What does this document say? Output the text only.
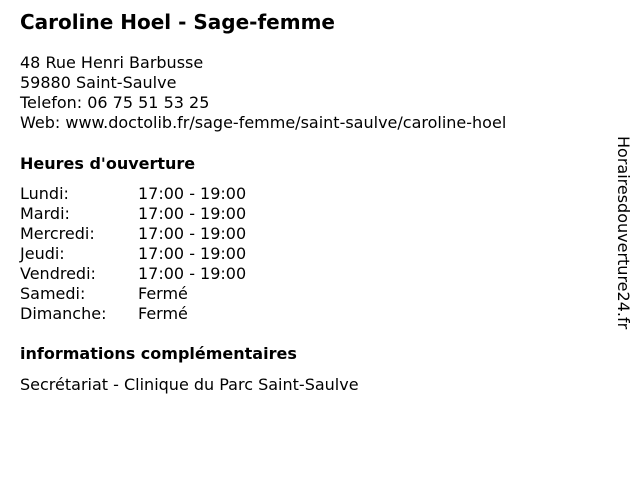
Caroline Hoel - Sage-femme
48 Rue Henri Barbusse
59880 Saint-Saulve
Telefon: 06 75 51 53 25
Web: www.doctolib.fr/sage-femme/saint-saulve/caroline-hoel
Heures d'ouverture
Lundi:	17:00 - 19:00
Mardi:	17:00 - 19:00
Mercredi:	17:00 - 19:00
Jeudi:	17:00 - 19:00
Vendredi:	17:00 - 19:00
Samedi:	Fermé
Dimanche:	Fermé
informations complémentaires
Secrétariat - Clinique du Parc Saint-Saulve
Horairesdouverture24.fr
